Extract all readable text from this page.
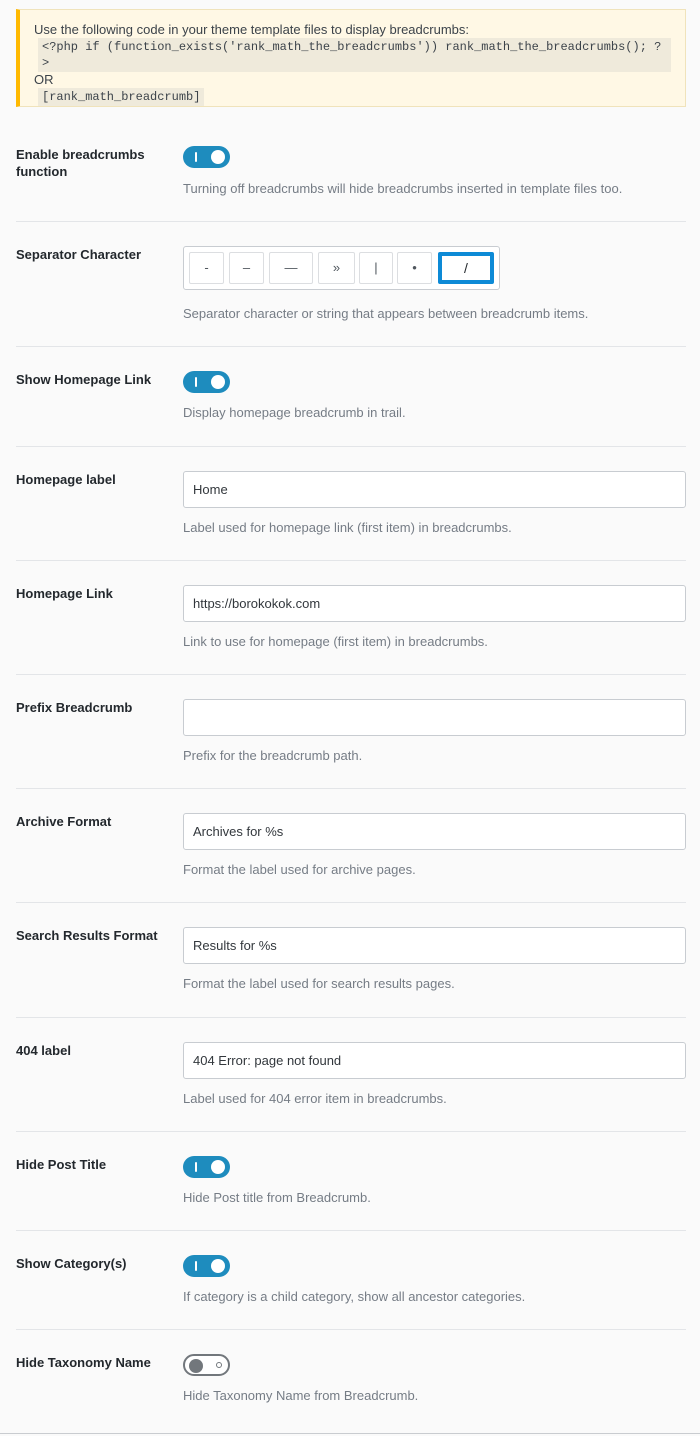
Use the following code in your theme template files to display breadcrumbs:
<?php if (function_exists('rank_math_the_breadcrumbs')) rank_math_the_breadcrumbs(); ?>
OR
[rank_math_breadcrumb]
Enable breadcrumbs function
Turning off breadcrumbs will hide breadcrumbs inserted in template files too.
Separator Character
-	–	—	»	|	•	/
Separator character or string that appears between breadcrumb items.
Show Homepage Link
Display homepage breadcrumb in trail.
Homepage label
Home
Label used for homepage link (first item) in breadcrumbs.
Homepage Link
https://borokokok.com
Link to use for homepage (first item) in breadcrumbs.
Prefix Breadcrumb
Prefix for the breadcrumb path.
Archive Format
Archives for %s
Format the label used for archive pages.
Search Results Format
Results for %s
Format the label used for search results pages.
404 label
404 Error: page not found
Label used for 404 error item in breadcrumbs.
Hide Post Title
Hide Post title from Breadcrumb.
Show Category(s)
If category is a child category, show all ancestor categories.
Hide Taxonomy Name
Hide Taxonomy Name from Breadcrumb.
